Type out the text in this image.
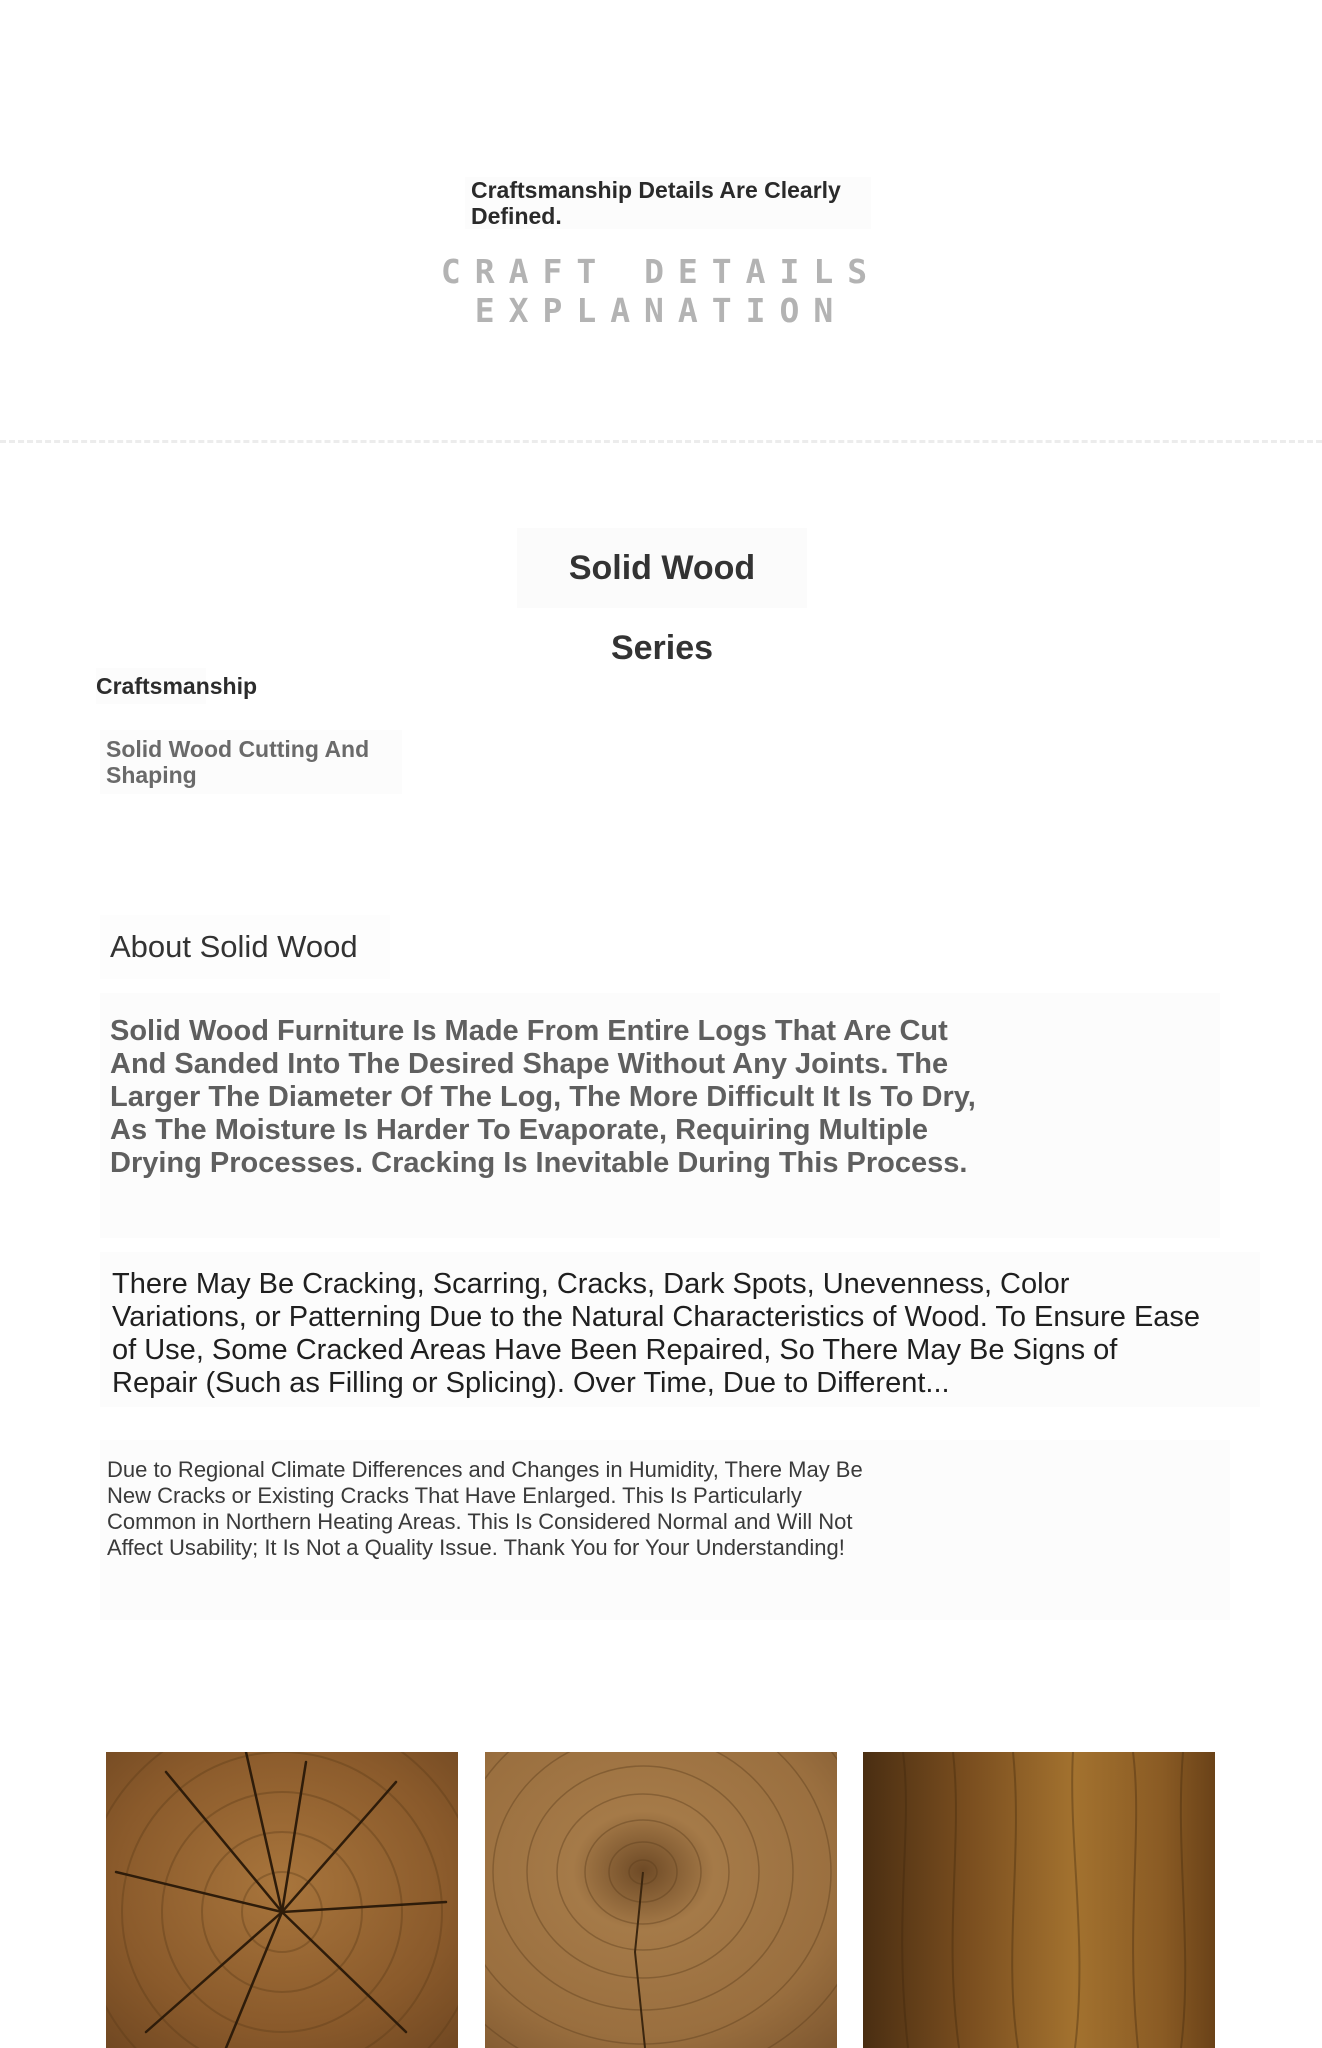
Craftsmanship Details Are Clearly Defined.
CRAFT DETAILS EXPLANATION
Solid Wood Series
Craftsmanship
Solid Wood Cutting And Shaping
About Solid Wood
Solid Wood Furniture Is Made From Entire Logs That Are Cut And Sanded Into The Desired Shape Without Any Joints. The Larger The Diameter Of The Log, The More Difficult It Is To Dry, As The Moisture Is Harder To Evaporate, Requiring Multiple Drying Processes. Cracking Is Inevitable During This Process.
There May Be Cracking, Scarring, Cracks, Dark Spots, Unevenness, Color Variations, or Patterning Due to the Natural Characteristics of Wood. To Ensure Ease of Use, Some Cracked Areas Have Been Repaired, So There May Be Signs of Repair (Such as Filling or Splicing). Over Time, Due to Different...
Due to Regional Climate Differences and Changes in Humidity, There May Be New Cracks or Existing Cracks That Have Enlarged. This Is Particularly Common in Northern Heating Areas. This Is Considered Normal and Will Not Affect Usability; It Is Not a Quality Issue. Thank You for Your Understanding!
